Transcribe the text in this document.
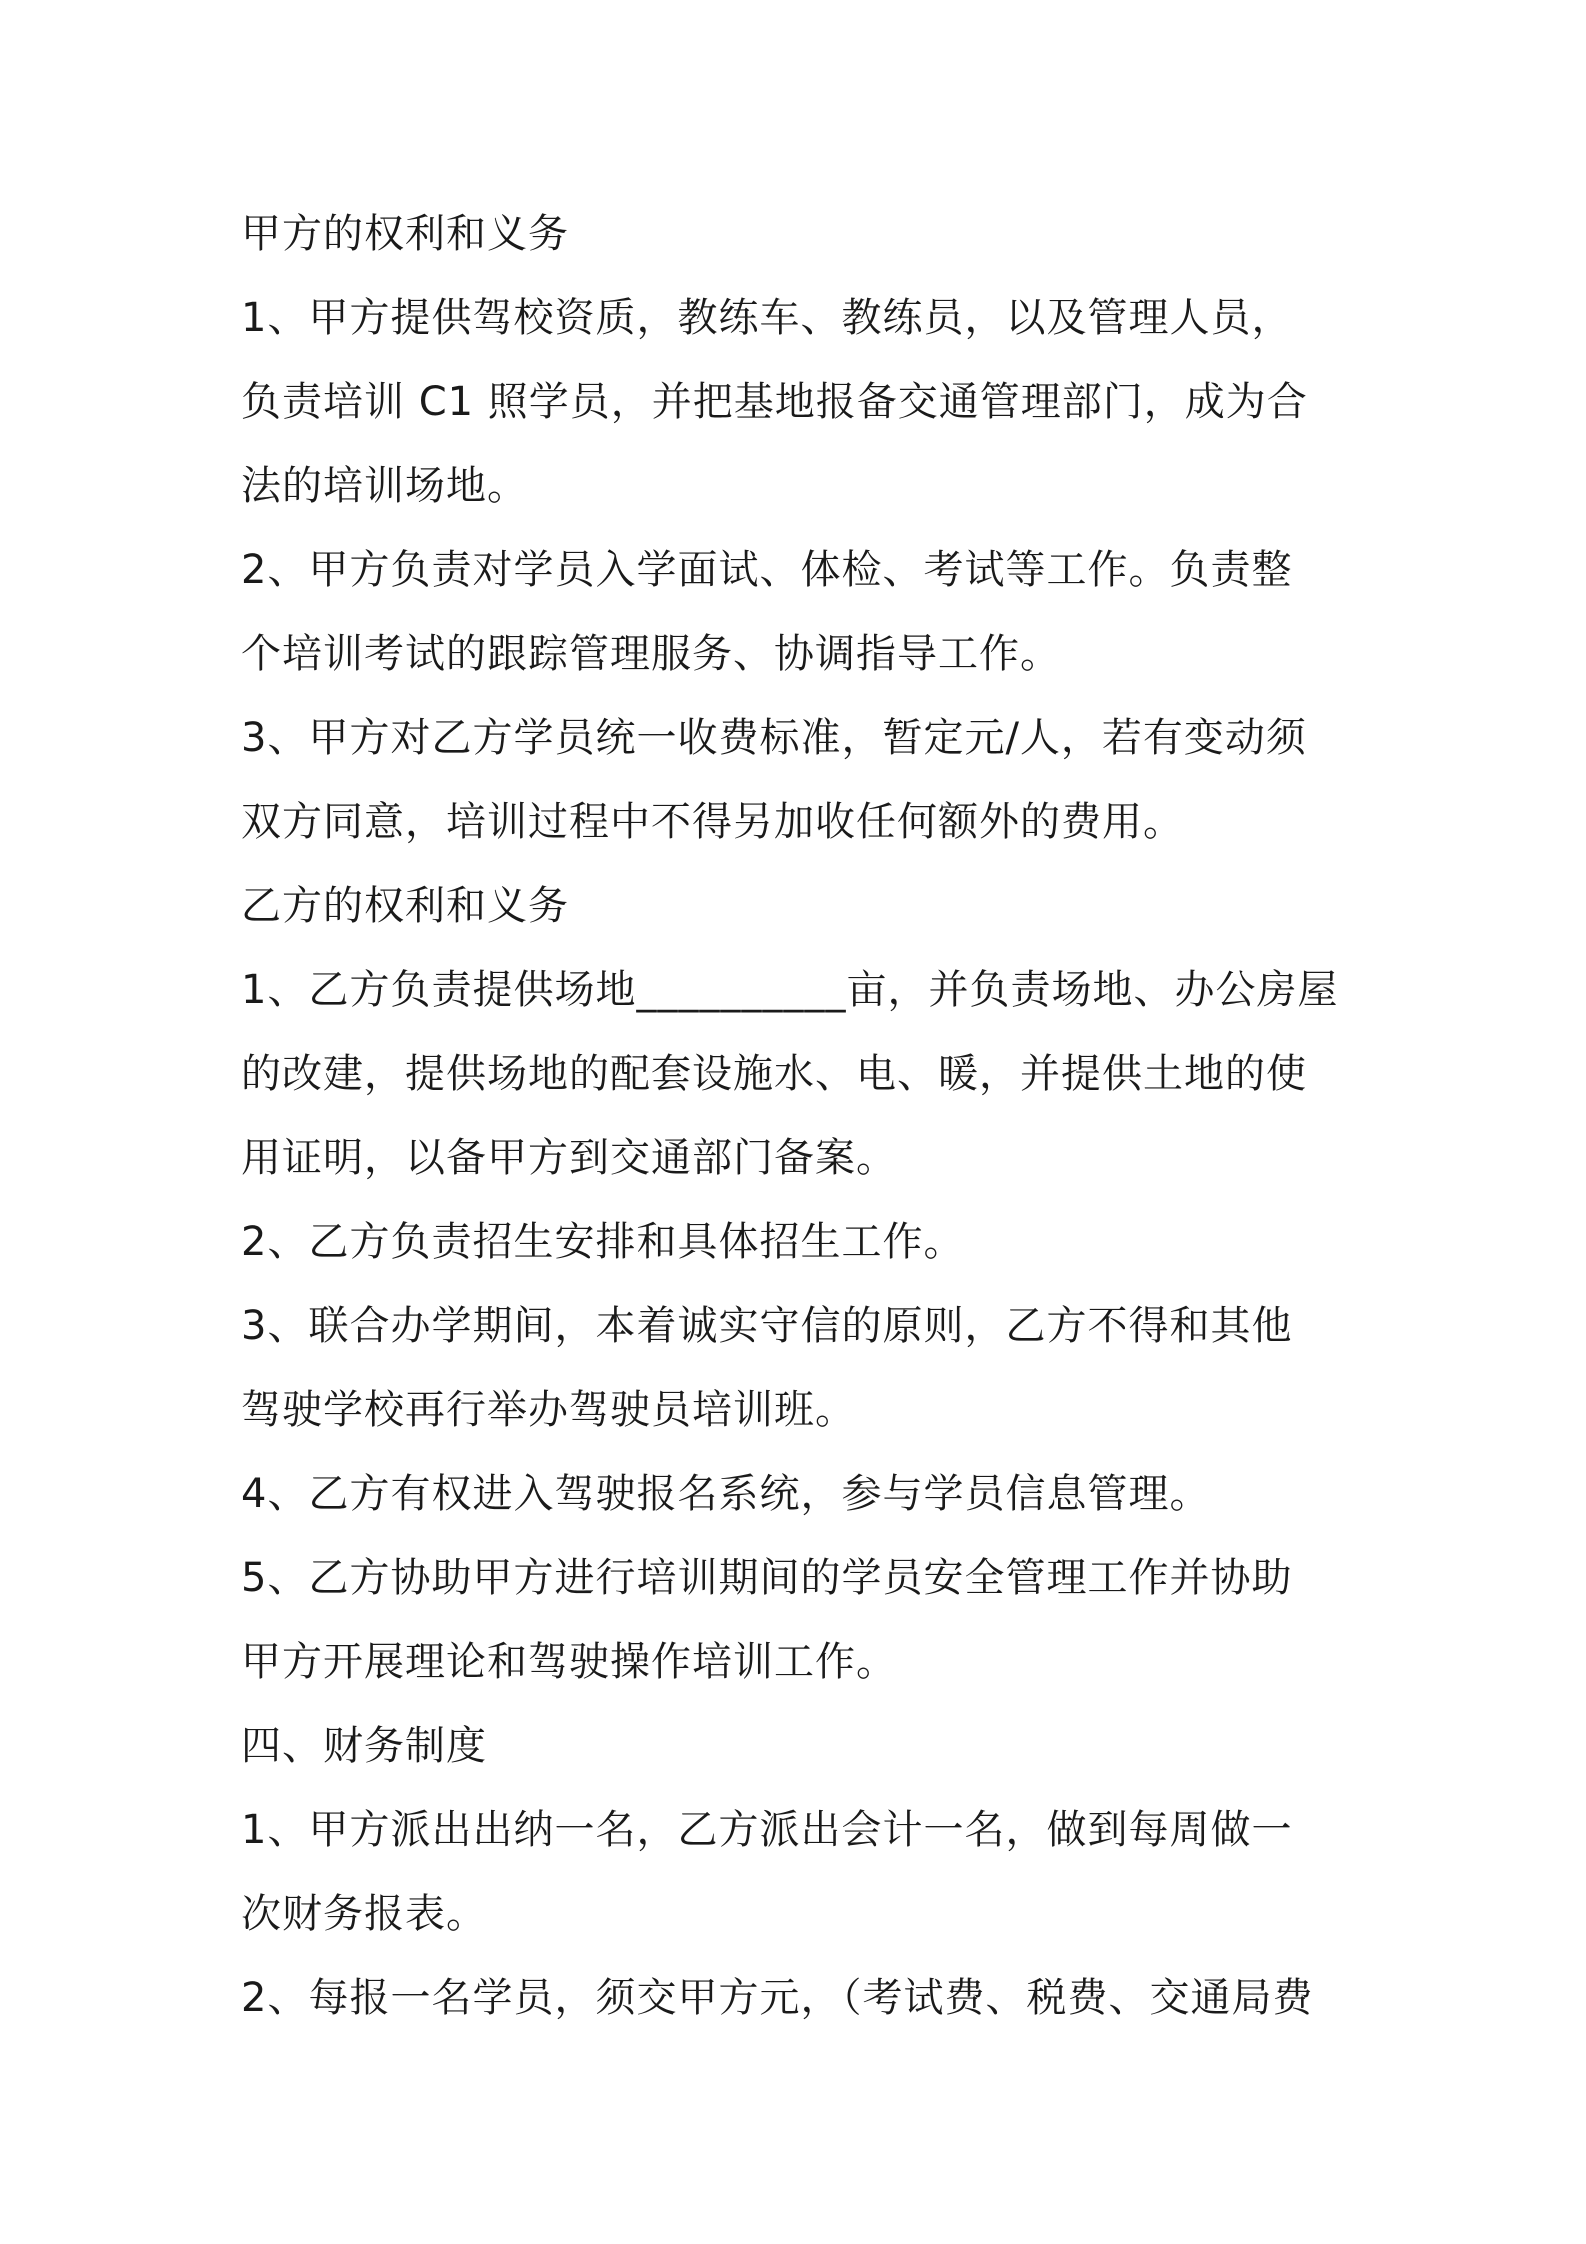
甲方的权利和义务
1、甲方提供驾校资质，教练车、教练员，以及管理人员，
负责培训 C1 照学员，并把基地报备交通管理部门，成为合
法的培训场地。
2、甲方负责对学员入学面试、体检、考试等工作。负责整
个培训考试的跟踪管理服务、协调指导工作。
3、甲方对乙方学员统一收费标准，暂定元/人，若有变动须
双方同意，培训过程中不得另加收任何额外的费用。
乙方的权利和义务
1、乙方负责提供场地__________亩，并负责场地、办公房屋
的改建，提供场地的配套设施水、电、暖，并提供土地的使
用证明，以备甲方到交通部门备案。
2、乙方负责招生安排和具体招生工作。
3、联合办学期间，本着诚实守信的原则，乙方不得和其他
驾驶学校再行举办驾驶员培训班。
4、乙方有权进入驾驶报名系统，参与学员信息管理。
5、乙方协助甲方进行培训期间的学员安全管理工作并协助
甲方开展理论和驾驶操作培训工作。
四、财务制度
1、甲方派出出纳一名，乙方派出会计一名，做到每周做一
次财务报表。
2、每报一名学员，须交甲方元，（考试费、税费、交通局费
